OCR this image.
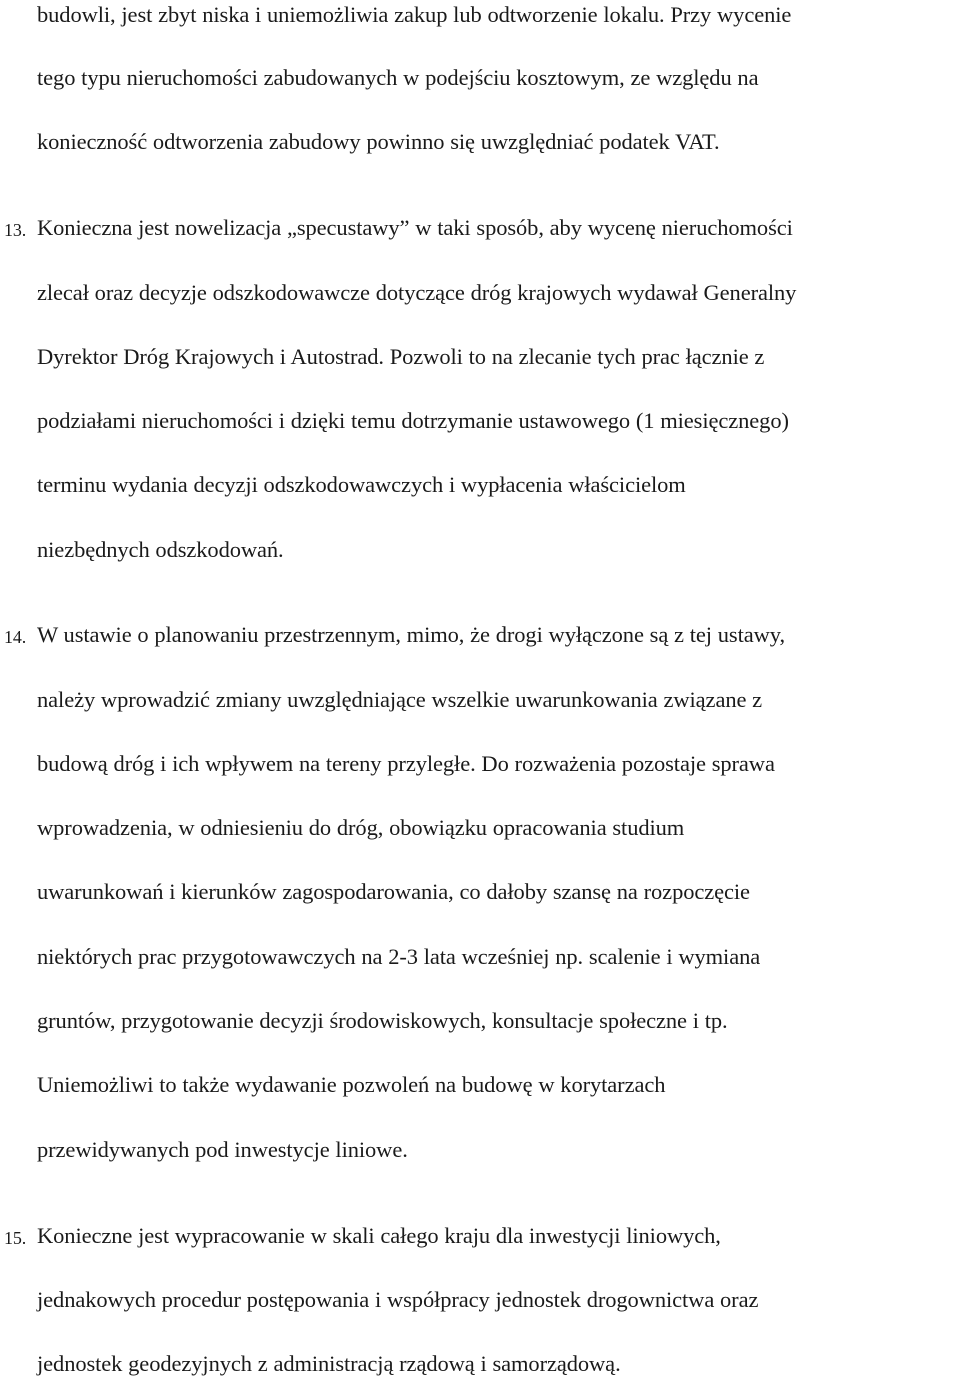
budowli, jest zbyt niska i uniemożliwia zakup lub odtworzenie lokalu. Przy wycenie
tego typu nieruchomości zabudowanych w podejściu kosztowym, ze względu na
konieczność odtworzenia zabudowy powinno się uwzględniać podatek VAT.
13. Konieczna jest nowelizacja „specustawy” w taki sposób, aby wycenę nieruchomości
zlecał oraz decyzje odszkodowawcze dotyczące dróg krajowych wydawał Generalny
Dyrektor Dróg Krajowych i Autostrad. Pozwoli to na zlecanie tych prac łącznie z
podziałami nieruchomości i dzięki temu dotrzymanie ustawowego (1 miesięcznego)
terminu wydania decyzji odszkodowawczych i wypłacenia właścicielom
niezbędnych odszkodowań.
14. W ustawie o planowaniu przestrzennym, mimo, że drogi wyłączone są z tej ustawy,
należy wprowadzić zmiany uwzględniające wszelkie uwarunkowania związane z
budową dróg i ich wpływem na tereny przyległe. Do rozważenia pozostaje sprawa
wprowadzenia, w odniesieniu do dróg, obowiązku opracowania studium
uwarunkowań i kierunków zagospodarowania, co dałoby szansę na rozpoczęcie
niektórych prac przygotowawczych na 2-3 lata wcześniej np. scalenie i wymiana
gruntów, przygotowanie decyzji środowiskowych, konsultacje społeczne i tp.
Uniemożliwi to także wydawanie pozwoleń na budowę w korytarzach
przewidywanych pod inwestycje liniowe.
15. Konieczne jest wypracowanie w skali całego kraju dla inwestycji liniowych,
jednakowych procedur postępowania i współpracy jednostek drogownictwa oraz
jednostek geodezyjnych z administracją rządową i samorządową.
